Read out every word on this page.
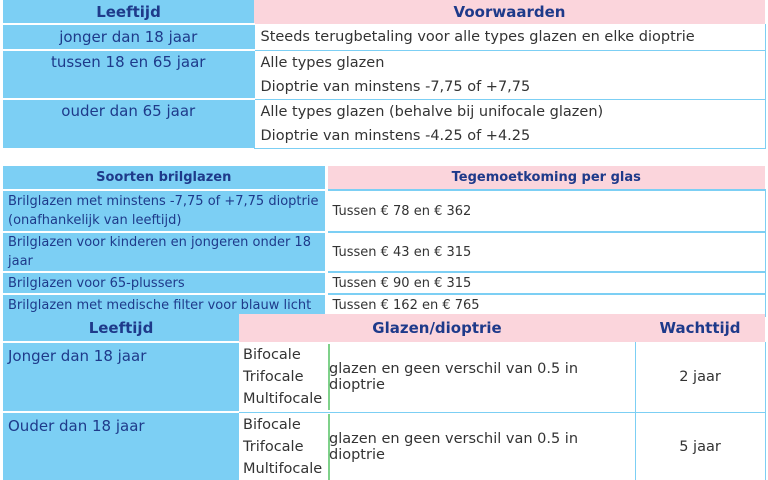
Leeftijd	Voorwaarden
jonger dan 18 jaar	Steeds terugbetaling voor alle types glazen en elke dioptrie

tussen 18 en 65 jaar	Alle types glazen
Dioptrie van minstens -7,75 of +7,75

ouder dan 65 jaar	Alle types glazen (behalve bij unifocale glazen)
Dioptrie van minstens -4.25 of +4.25
Soorten brilglazen	Tegemoetkoming per glas

Brilglazen met minstens -7,75 of +7,75 dioptrie
(onafhankelijk van leeftijd)	Tussen € 78 en € 362
Brilglazen voor kinderen en jongeren onder 18 jaar	Tussen € 43 en € 315
Brilglazen voor 65-plussers	Tussen € 90 en € 315
Brilglazen met medische filter voor blauw licht	Tussen € 162 en € 765
Leeftijd	Glazen/dioptrie		Wachttijd
Jonger dan 18 jaar	Bifocale
Trifocale
Multifocale	glazen en geen verschil van 0.5 in dioptrie	2 jaar
Ouder dan 18 jaar	Bifocale
Trifocale
Multifocale	glazen en geen verschil van 0.5 in dioptrie	5 jaar
